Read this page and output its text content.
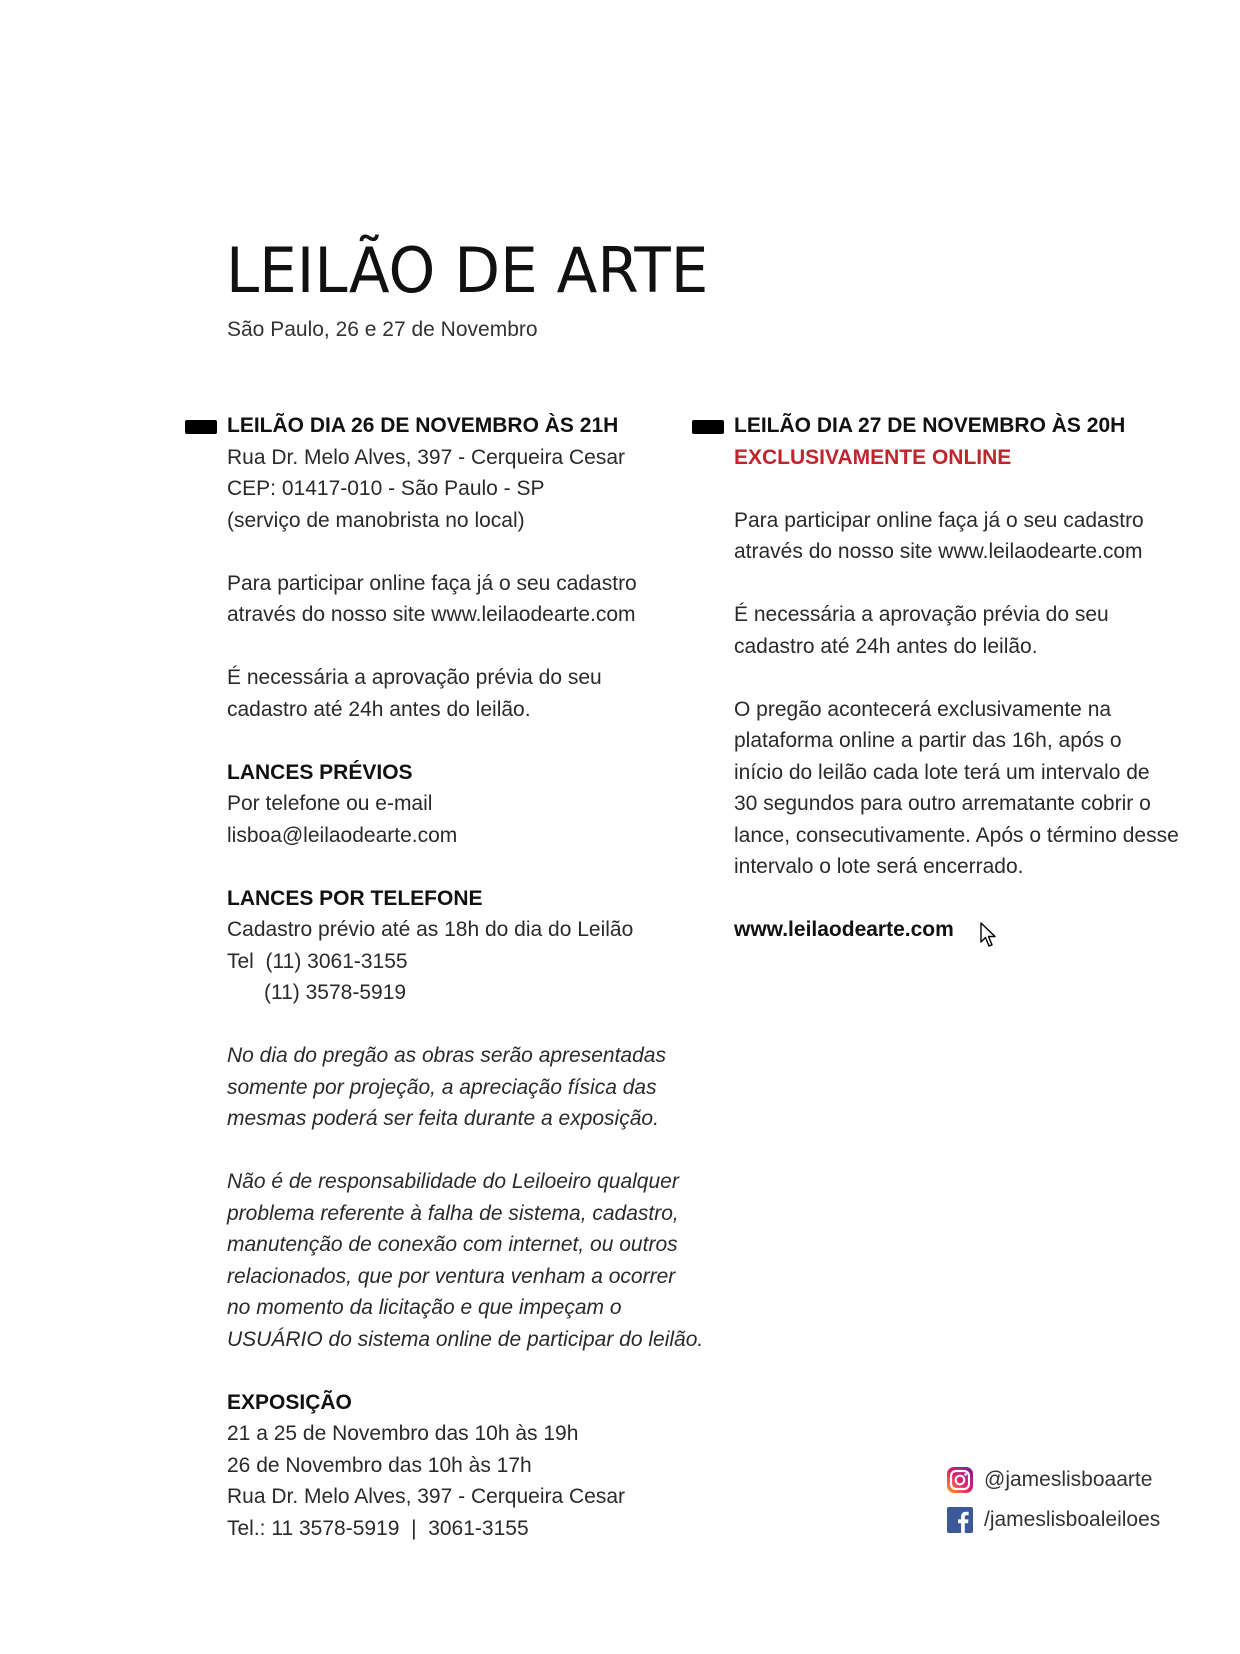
LEILÃO DE ARTE
São Paulo, 26 e 27 de Novembro
LEILÃO DIA 26 DE NOVEMBRO ÀS 21H
Rua Dr. Melo Alves, 397 - Cerqueira Cesar
CEP: 01417-010 - São Paulo - SP
(serviço de manobrista no local)
Para participar online faça já o seu cadastro
através do nosso site www.leilaodearte.com
É necessária a aprovação prévia do seu
cadastro até 24h antes do leilão.
LANCES PRÉVIOS
Por telefone ou e-mail
lisboa@leilaodearte.com
LANCES POR TELEFONE
Cadastro prévio até as 18h do dia do Leilão
Tel (11) 3061-3155
(11) 3578-5919
No dia do pregão as obras serão apresentadas
somente por projeção, a apreciação física das
mesmas poderá ser feita durante a exposição.
Não é de responsabilidade do Leiloeiro qualquer
problema referente à falha de sistema, cadastro,
manutenção de conexão com internet, ou outros
relacionados, que por ventura venham a ocorrer
no momento da licitação e que impeçam o
USUÁRIO do sistema online de participar do leilão.
EXPOSIÇÃO
21 a 25 de Novembro das 10h às 19h
26 de Novembro das 10h às 17h
Rua Dr. Melo Alves, 397 - Cerqueira Cesar
Tel.: 11 3578-5919  |  3061-3155
LEILÃO DIA 27 DE NOVEMBRO ÀS 20H
EXCLUSIVAMENTE ONLINE
Para participar online faça já o seu cadastro
através do nosso site www.leilaodearte.com
É necessária a aprovação prévia do seu
cadastro até 24h antes do leilão.
O pregão acontecerá exclusivamente na
plataforma online a partir das 16h, após o
início do leilão cada lote terá um intervalo de
30 segundos para outro arrematante cobrir o
lance, consecutivamente. Após o término desse
intervalo o lote será encerrado.
www.leilaodearte.com
@jameslisboaarte
/jameslisboaleiloes
